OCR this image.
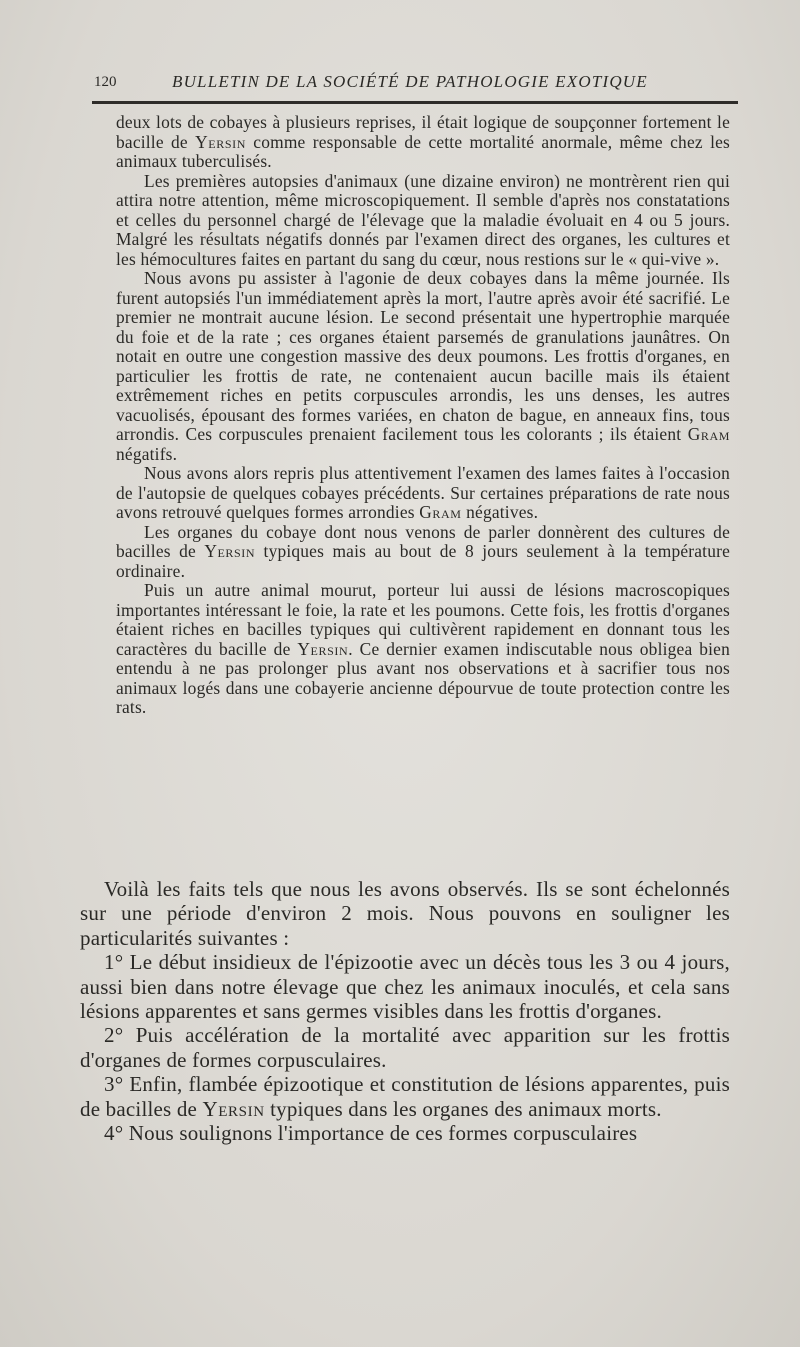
120	BULLETIN DE LA SOCIÉTÉ DE PATHOLOGIE EXOTIQUE

deux lots de cobayes à plusieurs reprises, il était logique de soupçonner fortement le bacille de Yersin comme responsable de cette mortalité anormale, même chez les animaux tuberculisés.

Les premières autopsies d'animaux (une dizaine environ) ne montrèrent rien qui attira notre attention, même microscopiquement. Il semble d'après nos constatations et celles du personnel chargé de l'élevage que la maladie évoluait en 4 ou 5 jours. Malgré les résultats négatifs donnés par l'examen direct des organes, les cultures et les hémocultures faites en partant du sang du cœur, nous restions sur le « qui-vive ».

Nous avons pu assister à l'agonie de deux cobayes dans la même journée. Ils furent autopsiés l'un immédiatement après la mort, l'autre après avoir été sacrifié. Le premier ne montrait aucune lésion. Le second présentait une hypertrophie marquée du foie et de la rate ; ces organes étaient parsemés de granulations jaunâtres. On notait en outre une congestion massive des deux poumons. Les frottis d'organes, en particulier les frottis de rate, ne contenaient aucun bacille mais ils étaient extrêmement riches en petits corpuscules arrondis, les uns denses, les autres vacuolisés, épousant des formes variées, en chaton de bague, en anneaux fins, tous arrondis. Ces corpuscules prenaient facilement tous les colorants ; ils étaient Gram négatifs.

Nous avons alors repris plus attentivement l'examen des lames faites à l'occasion de l'autopsie de quelques cobayes précédents. Sur certaines préparations de rate nous avons retrouvé quelques formes arrondies Gram négatives.

Les organes du cobaye dont nous venons de parler donnèrent des cultures de bacilles de Yersin typiques mais au bout de 8 jours seulement à la température ordinaire.

Puis un autre animal mourut, porteur lui aussi de lésions macroscopiques importantes intéressant le foie, la rate et les poumons. Cette fois, les frottis d'organes étaient riches en bacilles typiques qui cultivèrent rapidement en donnant tous les caractères du bacille de Yersin. Ce dernier examen indiscutable nous obligea bien entendu à ne pas prolonger plus avant nos observations et à sacrifier tous nos animaux logés dans une cobayerie ancienne dépourvue de toute protection contre les rats.

Voilà les faits tels que nous les avons observés. Ils se sont échelonnés sur une période d'environ 2 mois. Nous pouvons en souligner les particularités suivantes :

1° Le début insidieux de l'épizootie avec un décès tous les 3 ou 4 jours, aussi bien dans notre élevage que chez les animaux inoculés, et cela sans lésions apparentes et sans germes visibles dans les frottis d'organes.

2° Puis accélération de la mortalité avec apparition sur les frottis d'organes de formes corpusculaires.

3° Enfin, flambée épizootique et constitution de lésions apparentes, puis de bacilles de Yersin typiques dans les organes des animaux morts.

4° Nous soulignons l'importance de ces formes corpusculaires
